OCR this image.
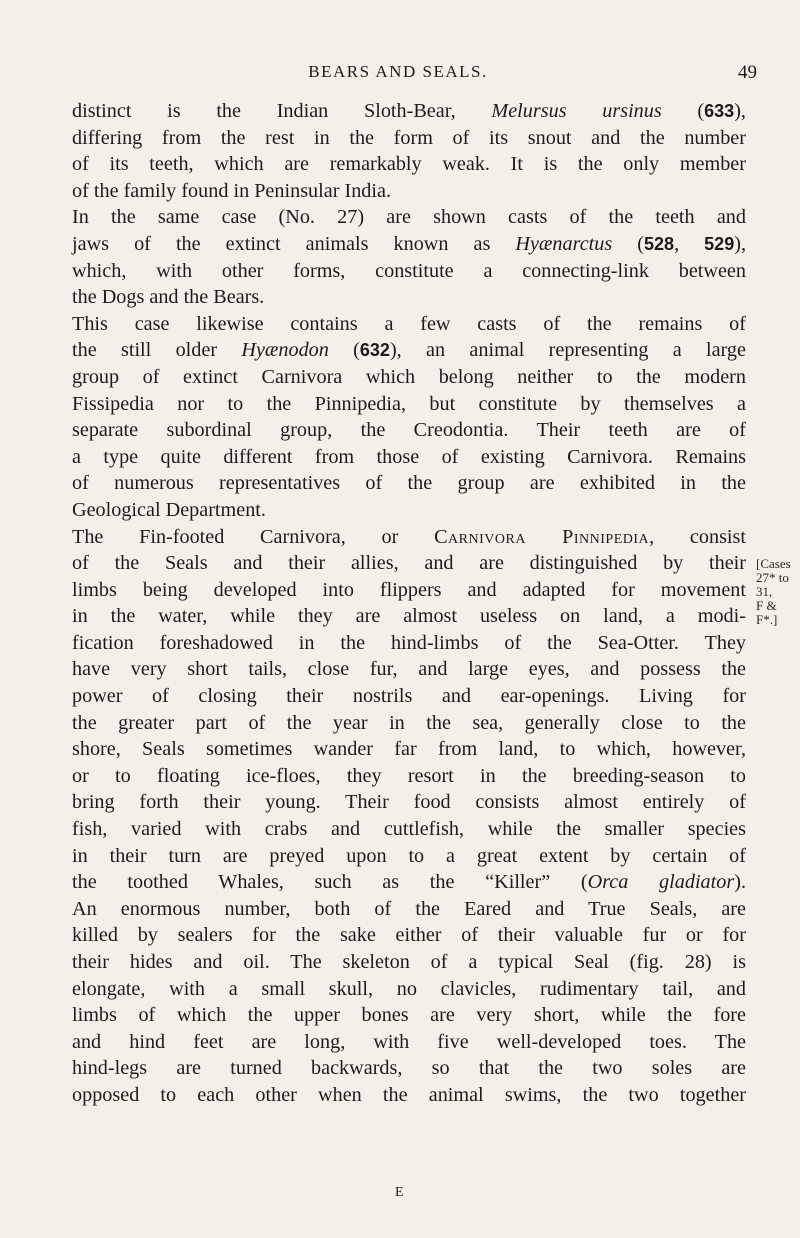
BEARS AND SEALS.	49

distinct is the Indian Sloth-Bear, Melursus ursinus (633),
differing from the rest in the form of its snout and the number
of its teeth, which are remarkably weak. It is the only member
of the family found in Peninsular India.

In the same case (No. 27) are shown casts of the teeth and
jaws of the extinct animals known as Hyænarctus (528, 529),
which, with other forms, constitute a connecting-link between
the Dogs and the Bears.

This case likewise contains a few casts of the remains of
the still older Hyænodon (632), an animal representing a large
group of extinct Carnivora which belong neither to the modern
Fissipedia nor to the Pinnipedia, but constitute by themselves a
separate subordinal group, the Creodontia. Their teeth are of
a type quite different from those of existing Carnivora. Remains
of numerous representatives of the group are exhibited in the
Geological Department.

The Fin-footed Carnivora, or Carnivora Pinnipedia, consist
of the Seals and their allies, and are distinguished by their
limbs being developed into flippers and adapted for movement
in the water, while they are almost useless on land, a modi-
fication foreshadowed in the hind-limbs of the Sea-Otter. They
have very short tails, close fur, and large eyes, and possess the
power of closing their nostrils and ear-openings. Living for
the greater part of the year in the sea, generally close to the
shore, Seals sometimes wander far from land, to which, however,
or to floating ice-floes, they resort in the breeding-season to
bring forth their young. Their food consists almost entirely of
fish, varied with crabs and cuttlefish, while the smaller species
in their turn are preyed upon to a great extent by certain of
the toothed Whales, such as the “Killer” (Orca gladiator).
An enormous number, both of the Eared and True Seals, are
killed by sealers for the sake either of their valuable fur or for
their hides and oil. The skeleton of a typical Seal (fig. 28) is
elongate, with a small skull, no clavicles, rudimentary tail, and
limbs of which the upper bones are very short, while the fore
and hind feet are long, with five well-developed toes. The
hind-legs are turned backwards, so that the two soles are
opposed to each other when the animal swims, the two together

[Cases
27* to 31,
F & F*.]
E
